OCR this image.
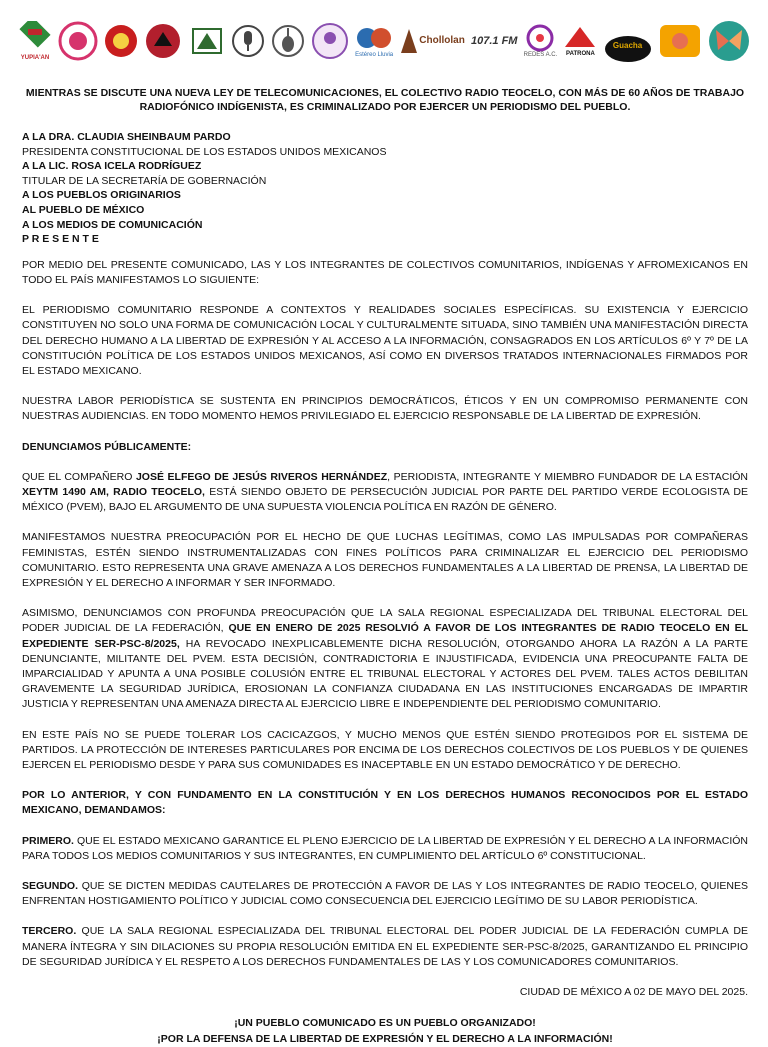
YUPIA'AN	Estéreo Lluvia
Chollolan 107.1 FM
REDES A.C. PATRONA
Guacha
MIENTRAS SE DISCUTE UNA NUEVA LEY DE TELECOMUNICACIONES, EL COLECTIVO RADIO TEOCELO, CON MÁS DE 60 AÑOS DE TRABAJO RADIOFÓNICO INDÍGENISTA, ES CRIMINALIZADO POR EJERCER UN PERIODISMO DEL PUEBLO.
A LA DRA. CLAUDIA SHEINBAUM PARDO
PRESIDENTA CONSTITUCIONAL DE LOS ESTADOS UNIDOS MEXICANOS
A LA LIC. ROSA ICELA RODRÍGUEZ
TITULAR DE LA SECRETARÍA DE GOBERNACIÓN
A LOS PUEBLOS ORIGINARIOS
AL PUEBLO DE MÉXICO
A LOS MEDIOS DE COMUNICACIÓN
P R E S E N T E

POR MEDIO DEL PRESENTE COMUNICADO, LAS Y LOS INTEGRANTES DE COLECTIVOS COMUNITARIOS, INDÍGENAS Y AFROMEXICANOS EN TODO EL PAÍS MANIFESTAMOS LO SIGUIENTE:

EL PERIODISMO COMUNITARIO RESPONDE A CONTEXTOS Y REALIDADES SOCIALES ESPECÍFICAS. SU EXISTENCIA Y EJERCICIO CONSTITUYEN NO SOLO UNA FORMA DE COMUNICACIÓN LOCAL Y CULTURALMENTE SITUADA, SINO TAMBIÉN UNA MANIFESTACIÓN DIRECTA DEL DERECHO HUMANO A LA LIBERTAD DE EXPRESIÓN Y AL ACCESO A LA INFORMACIÓN, CONSAGRADOS EN LOS ARTÍCULOS 6º Y 7º DE LA CONSTITUCIÓN POLÍTICA DE LOS ESTADOS UNIDOS MEXICANOS, ASÍ COMO EN DIVERSOS TRATADOS INTERNACIONALES FIRMADOS POR EL ESTADO MEXICANO.

NUESTRA LABOR PERIODÍSTICA SE SUSTENTA EN PRINCIPIOS DEMOCRÁTICOS, ÉTICOS Y EN UN COMPROMISO PERMANENTE CON NUESTRAS AUDIENCIAS. EN TODO MOMENTO HEMOS PRIVILEGIADO EL EJERCICIO RESPONSABLE DE LA LIBERTAD DE EXPRESIÓN.

DENUNCIAMOS PÚBLICAMENTE:

QUE EL COMPAÑERO JOSÉ ELFEGO DE JESÚS RIVEROS HERNÁNDEZ, PERIODISTA, INTEGRANTE Y MIEMBRO FUNDADOR DE LA ESTACIÓN XEYTM 1490 AM, RADIO TEOCELO, ESTÁ SIENDO OBJETO DE PERSECUCIÓN JUDICIAL POR PARTE DEL PARTIDO VERDE ECOLOGISTA DE MÉXICO (PVEM), BAJO EL ARGUMENTO DE UNA SUPUESTA VIOLENCIA POLÍTICA EN RAZÓN DE GÉNERO.

MANIFESTAMOS NUESTRA PREOCUPACIÓN POR EL HECHO DE QUE LUCHAS LEGÍTIMAS, COMO LAS IMPULSADAS POR COMPAÑERAS FEMINISTAS, ESTÉN SIENDO INSTRUMENTALIZADAS CON FINES POLÍTICOS PARA CRIMINALIZAR EL EJERCICIO DEL PERIODISMO COMUNITARIO. ESTO REPRESENTA UNA GRAVE AMENAZA A LOS DERECHOS FUNDAMENTALES A LA LIBERTAD DE PRENSA, LA LIBERTAD DE EXPRESIÓN Y EL DERECHO A INFORMAR Y SER INFORMADO.

ASIMISMO, DENUNCIAMOS CON PROFUNDA PREOCUPACIÓN QUE LA SALA REGIONAL ESPECIALIZADA DEL TRIBUNAL ELECTORAL DEL PODER JUDICIAL DE LA FEDERACIÓN, QUE EN ENERO DE 2025 RESOLVIÓ A FAVOR DE LOS INTEGRANTES DE RADIO TEOCELO EN EL EXPEDIENTE SER-PSC-8/2025, HA REVOCADO INEXPLICABLEMENTE DICHA RESOLUCIÓN, OTORGANDO AHORA LA RAZÓN A LA PARTE DENUNCIANTE, MILITANTE DEL PVEM. ESTA DECISIÓN, CONTRADICTORIA E INJUSTIFICADA, EVIDENCIA UNA PREOCUPANTE FALTA DE IMPARCIALIDAD Y APUNTA A UNA POSIBLE COLUSIÓN ENTRE EL TRIBUNAL ELECTORAL Y ACTORES DEL PVEM. TALES ACTOS DEBILITAN GRAVEMENTE LA SEGURIDAD JURÍDICA, EROSIONAN LA CONFIANZA CIUDADANA EN LAS INSTITUCIONES ENCARGADAS DE IMPARTIR JUSTICIA Y REPRESENTAN UNA AMENAZA DIRECTA AL EJERCICIO LIBRE E INDEPENDIENTE DEL PERIODISMO COMUNITARIO.

EN ESTE PAÍS NO SE PUEDE TOLERAR LOS CACICAZGOS, Y MUCHO MENOS QUE ESTÉN SIENDO PROTEGIDOS POR EL SISTEMA DE PARTIDOS. LA PROTECCIÓN DE INTERESES PARTICULARES POR ENCIMA DE LOS DERECHOS COLECTIVOS DE LOS PUEBLOS Y DE QUIENES EJERCEN EL PERIODISMO DESDE Y PARA SUS COMUNIDADES ES INACEPTABLE EN UN ESTADO DEMOCRÁTICO Y DE DERECHO.

POR LO ANTERIOR, Y CON FUNDAMENTO EN LA CONSTITUCIÓN Y EN LOS DERECHOS HUMANOS RECONOCIDOS POR EL ESTADO MEXICANO, DEMANDAMOS:

PRIMERO. QUE EL ESTADO MEXICANO GARANTICE EL PLENO EJERCICIO DE LA LIBERTAD DE EXPRESIÓN Y EL DERECHO A LA INFORMACIÓN PARA TODOS LOS MEDIOS COMUNITARIOS Y SUS INTEGRANTES, EN CUMPLIMIENTO DEL ARTÍCULO 6º CONSTITUCIONAL.

SEGUNDO. QUE SE DICTEN MEDIDAS CAUTELARES DE PROTECCIÓN A FAVOR DE LAS Y LOS INTEGRANTES DE RADIO TEOCELO, QUIENES ENFRENTAN HOSTIGAMIENTO POLÍTICO Y JUDICIAL COMO CONSECUENCIA DEL EJERCICIO LEGÍTIMO DE SU LABOR PERIODÍSTICA.

TERCERO. QUE LA SALA REGIONAL ESPECIALIZADA DEL TRIBUNAL ELECTORAL DEL PODER JUDICIAL DE LA FEDERACIÓN CUMPLA DE MANERA ÍNTEGRA Y SIN DILACIONES SU PROPIA RESOLUCIÓN EMITIDA EN EL EXPEDIENTE SER-PSC-8/2025, GARANTIZANDO EL PRINCIPIO DE SEGURIDAD JURÍDICA Y EL RESPETO A LOS DERECHOS FUNDAMENTALES DE LAS Y LOS COMUNICADORES COMUNITARIOS.

CIUDAD DE MÉXICO A 02 DE MAYO DEL 2025.

¡UN PUEBLO COMUNICADO ES UN PUEBLO ORGANIZADO!
¡POR LA DEFENSA DE LA LIBERTAD DE EXPRESIÓN Y EL DERECHO A LA INFORMACIÓN!
